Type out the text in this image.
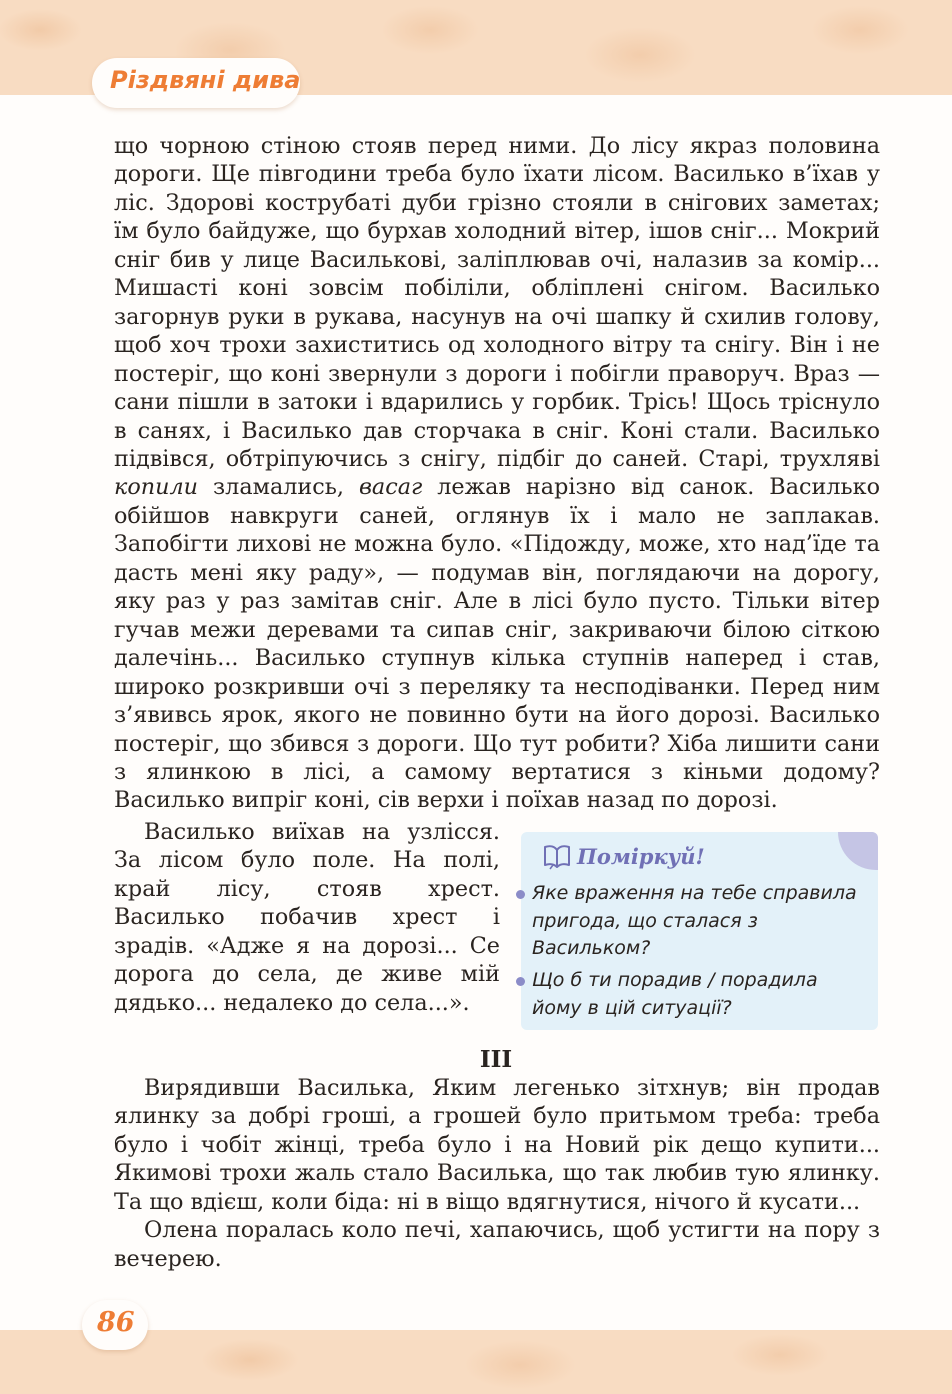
Різдвяні дива

що чорною стіною стояв перед ними. До лісу якраз половина дороги. Ще півгодини треба було їхати лісом. Василько в’їхав у ліс. Здорові кострубаті дуби грізно стояли в снігових заметах; їм було байдуже, що бурхав холодний вітер, ішов сніг... Мокрий сніг бив у лице Василькові, заліплював очі, налазив за комір... Мишасті коні зовсім побіліли, обліплені снігом. Василько загорнув руки в рукава, насунув на очі шапку й схилив голову, щоб хоч трохи захиститись од холодного вітру та снігу. Він і не постеріг, що коні звернули з дороги і побігли праворуч. Враз — сани пішли в затоки і вдарились у горбик. Трісь! Щось тріснуло в санях, і Василько дав сторчака в сніг. Коні стали. Василько підвівся, обтріпуючись з снігу, підбіг до саней. Старі, трухляві копили зламались, васаг лежав нарізно від санок. Василько обійшов навкруги саней, оглянув їх і мало не заплакав. Запобігти лихові не можна було. «Підожду, може, хто над’їде та дасть мені яку раду», — подумав він, поглядаючи на дорогу, яку раз у раз замітав сніг. Але в лісі було пусто. Тільки вітер гучав межи деревами та сипав сніг, закриваючи білою сіткою далечінь... Василько ступнув кілька ступнів наперед і став, широко розкривши очі з переляку та несподіванки. Перед ним з’явивсь ярок, якого не повинно бути на його дорозі. Василько постеріг, що збився з дороги. Що тут робити? Хіба лишити сани з ялинкою в лісі, а самому вертатися з кіньми додому? Василько випріг коні, сів верхи і поїхав назад по дорозі.

Василько виїхав на узлісся. За лісом було поле. На полі, край лісу, стояв хрест. Василько побачив хрест і зрадів. «Адже я на дорозі... Се дорога до села, де живе мій дядько... недалеко до села...».

Поміркуй!
Яке враження на тебе справила пригода, що сталася з Васильком?
Що б ти порадив / порадила йому в цій ситуації?
III

Вирядивши Василька, Яким легенько зітхнув; він продав ялинку за добрі гроші, а грошей було притьмом треба: треба було і чобіт жінці, треба було і на Новий рік дещо купити... Якимові трохи жаль стало Василька, що так любив тую ялинку. Та що вдієш, коли біда: ні в віщо вдягнутися, нічого й кусати...

Олена поралась коло печі, хапаючись, щоб устигти на пору з вечерею.

86
